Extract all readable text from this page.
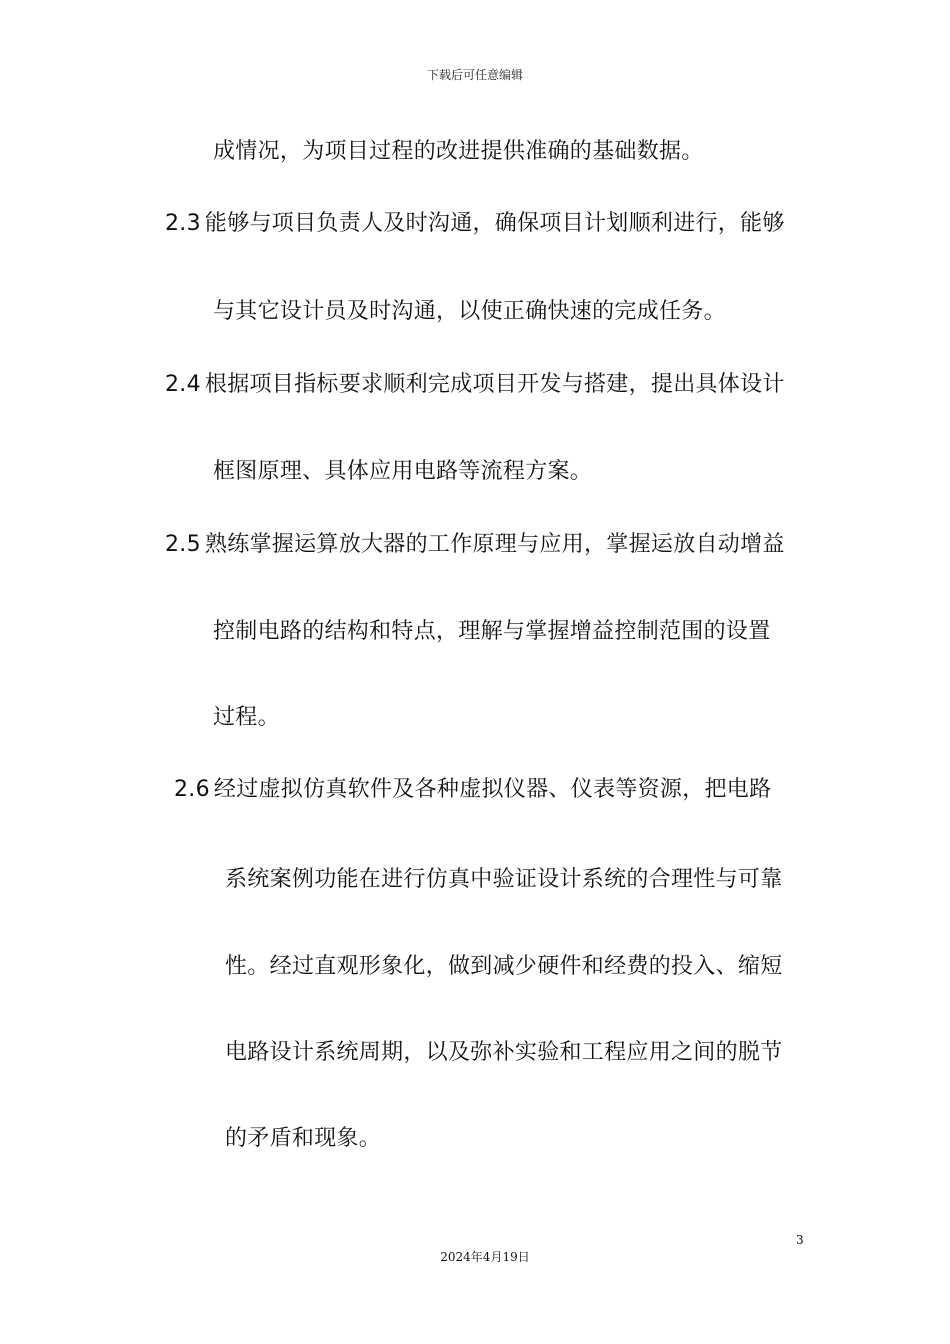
下载后可任意编辑
成情况，为项目过程的改进提供准确的基础数据。
2.3 能够与项目负责人及时沟通，确保项目计划顺利进行，能够
与其它设计员及时沟通，以使正确快速的完成任务。
2.4 根据项目指标要求顺利完成项目开发与搭建，提出具体设计
框图原理、具体应用电路等流程方案。
2.5 熟练掌握运算放大器的工作原理与应用，掌握运放自动增益
控制电路的结构和特点，理解与掌握增益控制范围的设置
过程。
2.6 经过虚拟仿真软件及各种虚拟仪器、仪表等资源，把电路
系统案例功能在进行仿真中验证设计系统的合理性与可靠
性。经过直观形象化，做到减少硬件和经费的投入、缩短
电路设计系统周期，以及弥补实验和工程应用之间的脱节
的矛盾和现象。
3
2024年4月19日
